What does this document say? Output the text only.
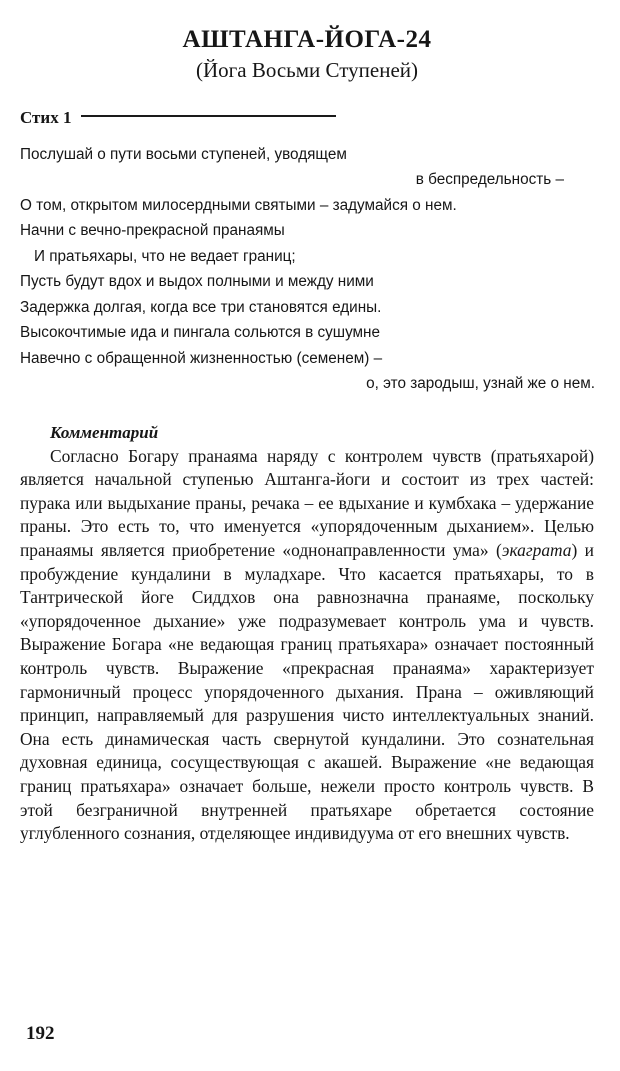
АШТАНГА-ЙОГА-24
(Йога Восьми Ступеней)
Стих 1
Послушай о пути восьми ступеней, уводящем
в беспредельность –
О том, открытом милосердными святыми – задумайся о нем.
Начни с вечно-прекрасной пранаямы
И пратьяхары, что не ведает границ;
Пусть будут вдох и выдох полными и между ними
Задержка долгая, когда все три становятся едины.
Высокочтимые ида и пингала сольются в сушумне
Навечно с обращенной жизненностью (семенем) –
о, это зародыш, узнай же о нем.
Комментарий
Согласно Богару пранаяма наряду с контролем чувств (пратьяхарой) является начальной ступенью Аштанга-йоги и состоит из трех частей: пурака или выдыхание праны, речака – ее вдыхание и кумбхака – удержание праны. Это есть то, что именуется «упорядоченным дыханием». Целью пранаямы является приобретение «однонаправленности ума» (экаграта) и пробуждение кундалини в муладхаре. Что касается пратьяхары, то в Тантрической йоге Сиддхов она равнозначна пранаяме, поскольку «упорядоченное дыхание» уже подразумевает контроль ума и чувств. Выражение Богара «не ведающая границ пратьяхара» означает постоянный контроль чувств. Выражение «прекрасная пранаяма» характеризует гармоничный процесс упорядоченного дыхания. Прана – оживляющий принцип, направляемый для разрушения чисто интеллектуальных знаний. Она есть динамическая часть свернутой кундалини. Это сознательная духовная единица, сосуществующая с акашей. Выражение «не ведающая границ пратьяхара» означает больше, нежели просто контроль чувств. В этой безграничной внутренней пратьяхаре обретается состояние углубленного сознания, отделяющее индивидуума от его внешних чувств.
192
